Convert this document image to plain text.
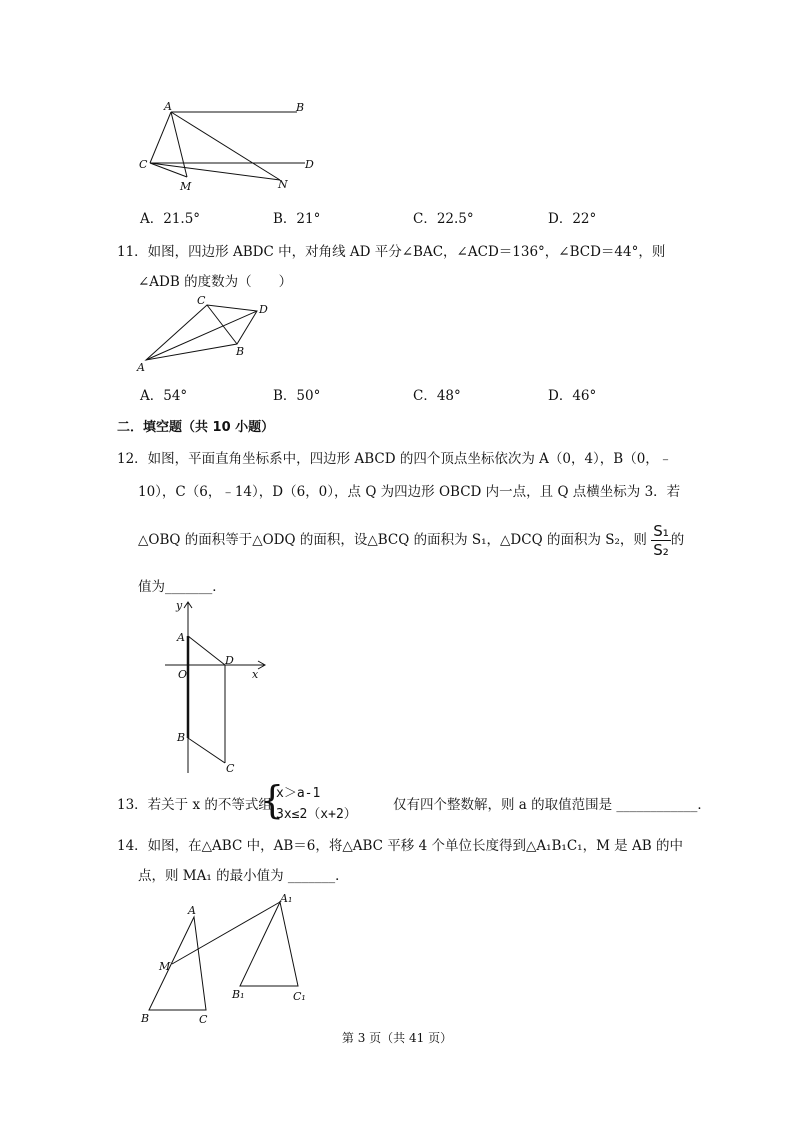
A	B
C	D
M	N
A．21.5°	B．21°	C．22.5°	D．22°
11．如图，四边形 ABDC 中，对角线 AD 平分∠BAC，∠ACD＝136°，∠BCD＝44°，则
∠ADB 的度数为（　　）
C
D
B
A
A．54°	B．50°	C．48°	D．46°
二．填空题（共 10 小题）
12．如图，平面直角坐标系中，四边形 ABCD 的四个顶点坐标依次为 A（0，4），B（0，﹣
10），C（6，﹣14），D（6，0），点 Q 为四边形 OBCD 内一点，且 Q 点横坐标为 3．若
△OBQ 的面积等于△ODQ 的面积，设△BCQ 的面积为 S₁，△DCQ 的面积为 S₂，则 $\frac{\text{S₁}}{\text{S₂}}$ 的
值为_______．
y
A
D
O	x
B
C
13．若关于 x 的不等式组
{
x＞a-1
3x≤2（x+2）
仅有四个整数解，则 a 的取值范围是 ____________．
14．如图，在△ABC 中，AB＝6，将△ABC 平移 4 个单位长度得到△A₁B₁C₁，M 是 AB 的中
点，则 MA₁ 的最小值为 _______．
A
M
B	C
A₁
B₁	C₁
第 3 页（共 41 页）
